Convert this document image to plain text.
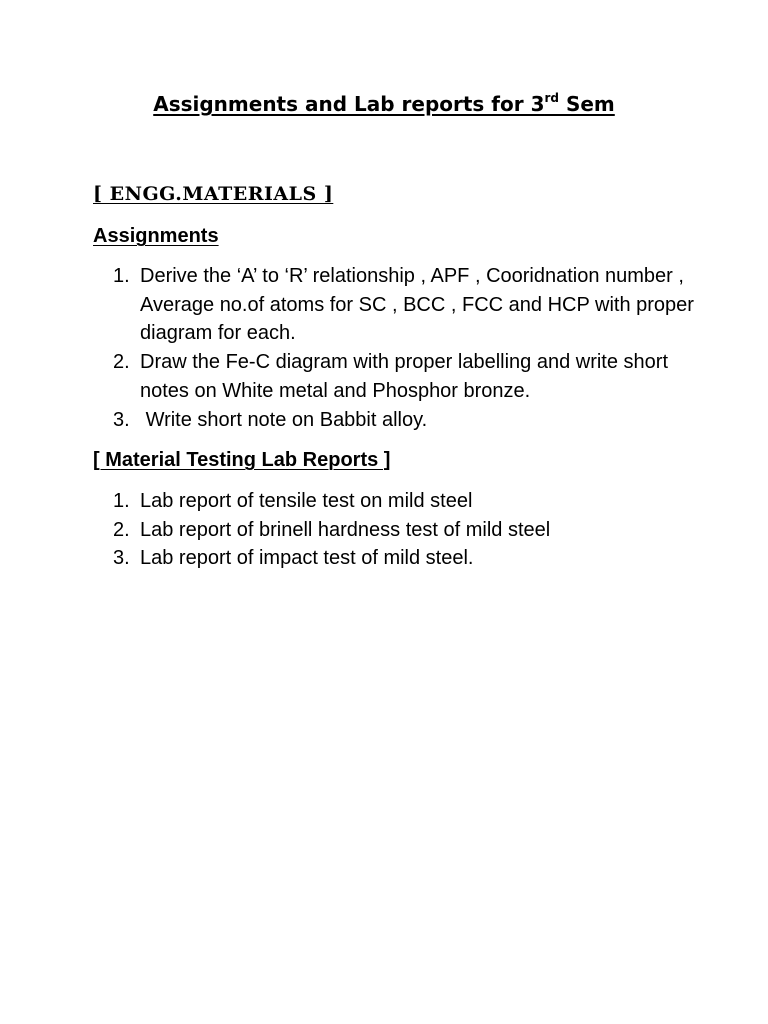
Assignments and Lab reports for 3rd Sem
[ ENGG.MATERIALS ]
Assignments
1. Derive the ‘A’ to ‘R’ relationship , APF , Cooridnation number , Average no.of atoms for SC , BCC , FCC and HCP with proper diagram for each.
2. Draw the Fe-C diagram with proper labelling and write short notes on White metal and Phosphor bronze.
3. Write short note on Babbit alloy.
[ Material Testing Lab Reports ]
1. Lab report of tensile test on mild steel
2. Lab report of brinell hardness test of mild steel
3. Lab report of impact test of mild steel.
